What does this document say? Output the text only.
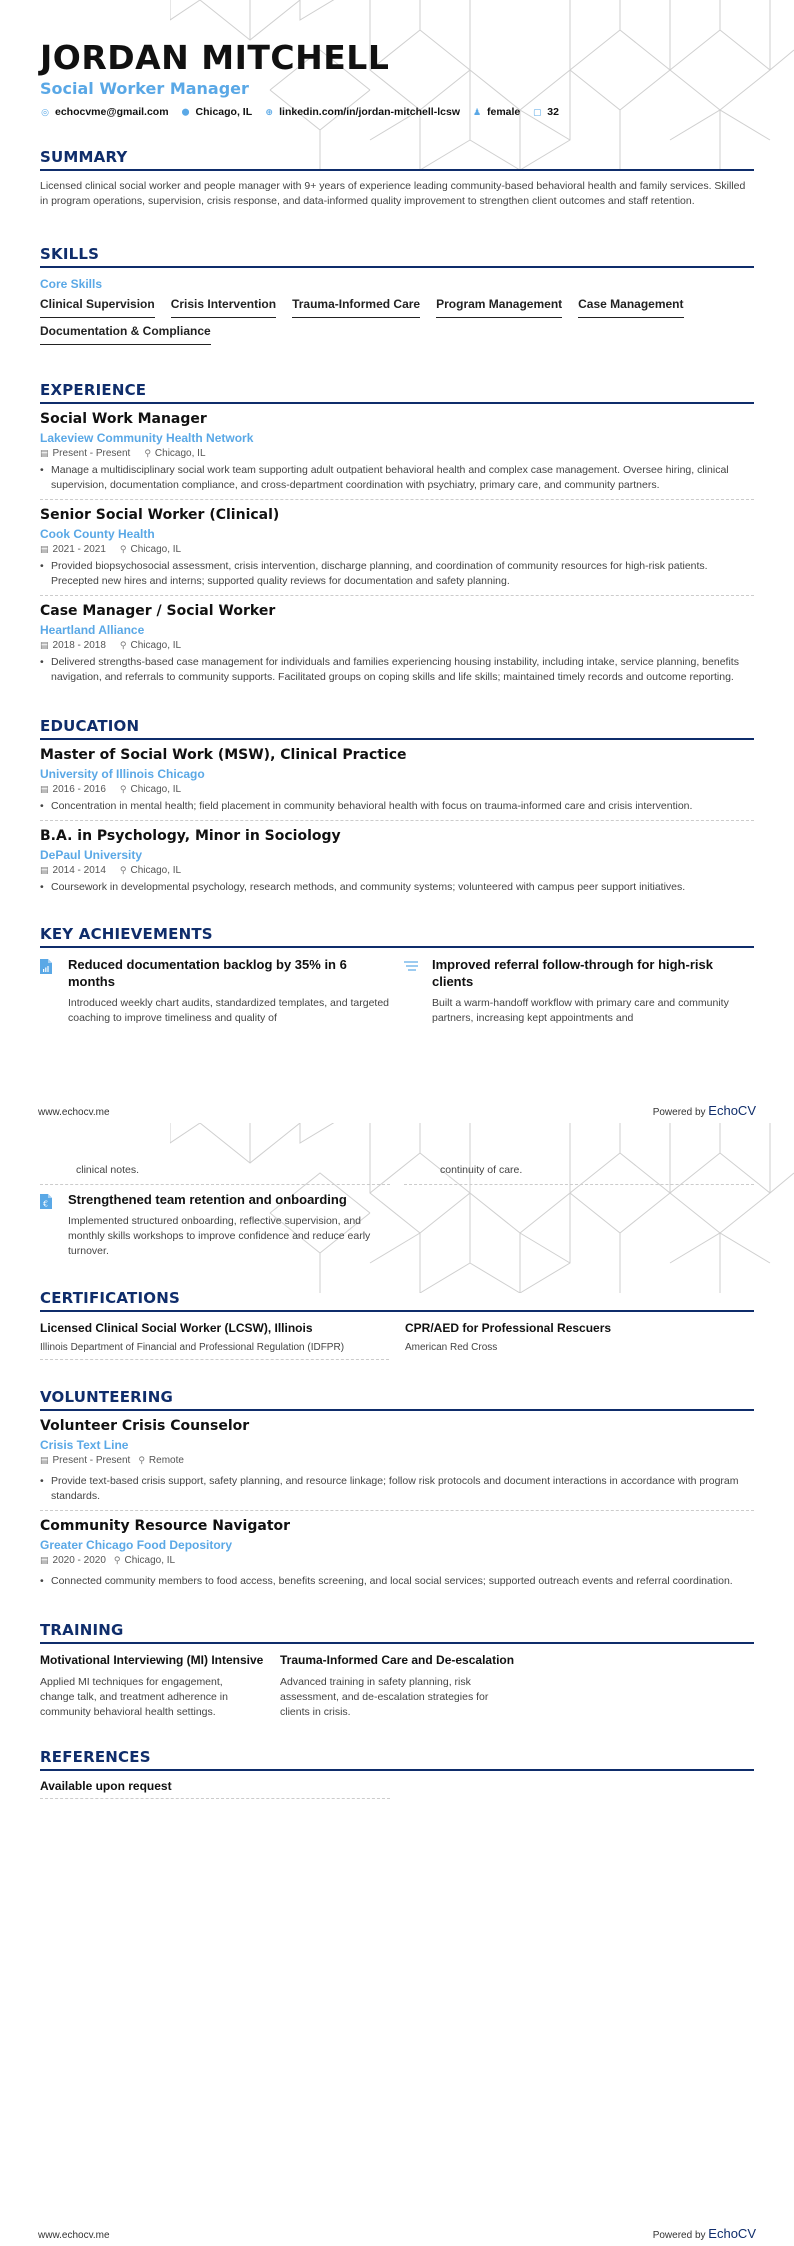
JORDAN MITCHELL
Social Worker Manager
◎ echocvme@gmail.com ⬤ Chicago, IL ⊕ linkedin.com/in/jordan-mitchell-lcsw ♟ female ▢ 32
SUMMARY
Licensed clinical social worker and people manager with 9+ years of experience leading community-based behavioral health and family services. Skilled in program operations, supervision, crisis response, and data-informed quality improvement to strengthen client outcomes and staff retention.
SKILLS
Core Skills
Clinical Supervision Crisis Intervention Trauma-Informed Care Program Management Case Management
Documentation & Compliance
EXPERIENCE
Social Work Manager
Lakeview Community Health Network
▤ Present - Present ⚲ Chicago, IL
• Manage a multidisciplinary social work team supporting adult outpatient behavioral health and complex case management. Oversee hiring, clinical supervision, documentation compliance, and cross-department coordination with psychiatry, primary care, and community partners.
Senior Social Worker (Clinical)
Cook County Health
▤ 2021 - 2021 ⚲ Chicago, IL
• Provided biopsychosocial assessment, crisis intervention, discharge planning, and coordination of community resources for high-risk patients. Precepted new hires and interns; supported quality reviews for documentation and safety planning.
Case Manager / Social Worker
Heartland Alliance
▤ 2018 - 2018 ⚲ Chicago, IL
• Delivered strengths-based case management for individuals and families experiencing housing instability, including intake, service planning, benefits navigation, and referrals to community supports. Facilitated groups on coping skills and life skills; maintained timely records and outcome reporting.
EDUCATION
Master of Social Work (MSW), Clinical Practice
University of Illinois Chicago
▤ 2016 - 2016 ⚲ Chicago, IL
• Concentration in mental health; field placement in community behavioral health with focus on trauma-informed care and crisis intervention.
B.A. in Psychology, Minor in Sociology
DePaul University
▤ 2014 - 2014 ⚲ Chicago, IL
• Coursework in developmental psychology, research methods, and community systems; volunteered with campus peer support initiatives.
KEY ACHIEVEMENTS
Reduced documentation backlog by 35% in 6 months
Introduced weekly chart audits, standardized templates, and targeted coaching to improve timeliness and quality of
Improved referral follow-through for high-risk clients
Built a warm-handoff workflow with primary care and community partners, increasing kept appointments and
www.echocv.me	Powered by EchoCV
clinical notes.	continuity of care.
€ Strengthened team retention and onboarding
Implemented structured onboarding, reflective supervision, and monthly skills workshops to improve confidence and reduce early turnover.
CERTIFICATIONS
Licensed Clinical Social Worker (LCSW), Illinois
Illinois Department of Financial and Professional Regulation (IDFPR)
CPR/AED for Professional Rescuers
American Red Cross
VOLUNTEERING
Volunteer Crisis Counselor
Crisis Text Line
▤ Present - Present ⚲ Remote
• Provide text-based crisis support, safety planning, and resource linkage; follow risk protocols and document interactions in accordance with program standards.
Community Resource Navigator
Greater Chicago Food Depository
▤ 2020 - 2020 ⚲ Chicago, IL
• Connected community members to food access, benefits screening, and local social services; supported outreach events and referral coordination.
TRAINING
Motivational Interviewing (MI) Intensive
Applied MI techniques for engagement, change talk, and treatment adherence in community behavioral health settings.
Trauma-Informed Care and De-escalation
Advanced training in safety planning, risk assessment, and de-escalation strategies for clients in crisis.
REFERENCES
Available upon request
www.echocv.me	Powered by EchoCV
